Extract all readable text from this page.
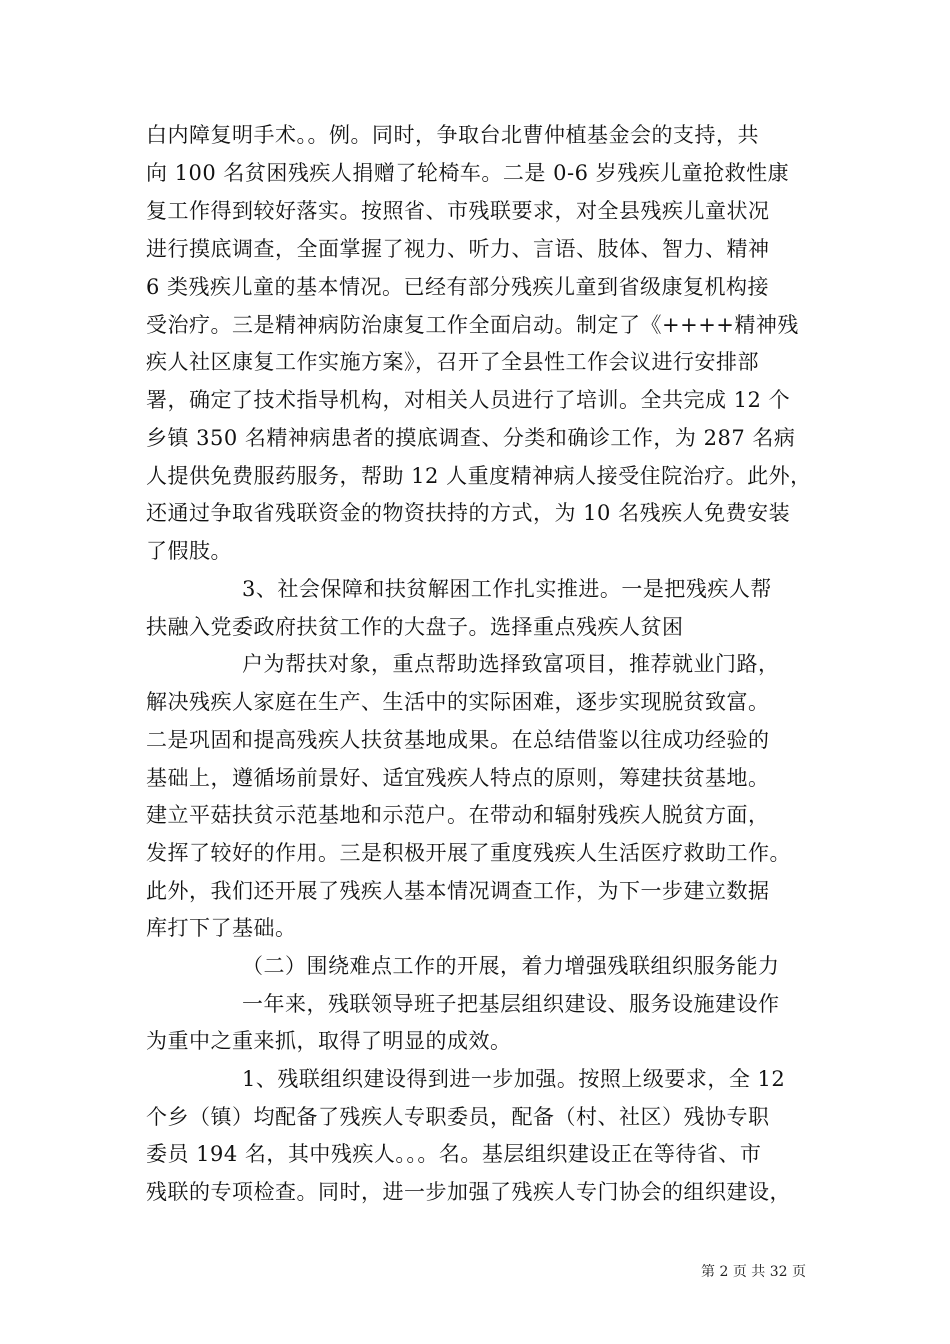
白内障复明手术。。例。同时，争取台北曹仲植基金会的支持，共
向 100 名贫困残疾人捐赠了轮椅车。二是 0-6 岁残疾儿童抢救性康
复工作得到较好落实。按照省、市残联要求，对全县残疾儿童状况
进行摸底调查，全面掌握了视力、听力、言语、肢体、智力、精神
6 类残疾儿童的基本情况。已经有部分残疾儿童到省级康复机构接
受治疗。三是精神病防治康复工作全面启动。制定了《++++精神残
疾人社区康复工作实施方案》，召开了全县性工作会议进行安排部
署，确定了技术指导机构，对相关人员进行了培训。全共完成 12 个
乡镇 350 名精神病患者的摸底调查、分类和确诊工作，为 287 名病
人提供免费服药服务，帮助 12 人重度精神病人接受住院治疗。此外，
还通过争取省残联资金的物资扶持的方式，为 10 名残疾人免费安装
了假肢。
3、社会保障和扶贫解困工作扎实推进。一是把残疾人帮
扶融入党委政府扶贫工作的大盘子。选择重点残疾人贫困
户为帮扶对象，重点帮助选择致富项目，推荐就业门路，
解决残疾人家庭在生产、生活中的实际困难，逐步实现脱贫致富。
二是巩固和提高残疾人扶贫基地成果。在总结借鉴以往成功经验的
基础上，遵循场前景好、适宜残疾人特点的原则，筹建扶贫基地。
建立平菇扶贫示范基地和示范户。在带动和辐射残疾人脱贫方面，
发挥了较好的作用。三是积极开展了重度残疾人生活医疗救助工作。
此外，我们还开展了残疾人基本情况调查工作，为下一步建立数据
库打下了基础。
（二）围绕难点工作的开展，着力增强残联组织服务能力
一年来，残联领导班子把基层组织建设、服务设施建设作
为重中之重来抓，取得了明显的成效。
1、残联组织建设得到进一步加强。按照上级要求，全 12
个乡（镇）均配备了残疾人专职委员，配备（村、社区）残协专职
委员 194 名，其中残疾人。。。名。基层组织建设正在等待省、市
残联的专项检查。同时，进一步加强了残疾人专门协会的组织建设，
第 2 页 共 32 页
